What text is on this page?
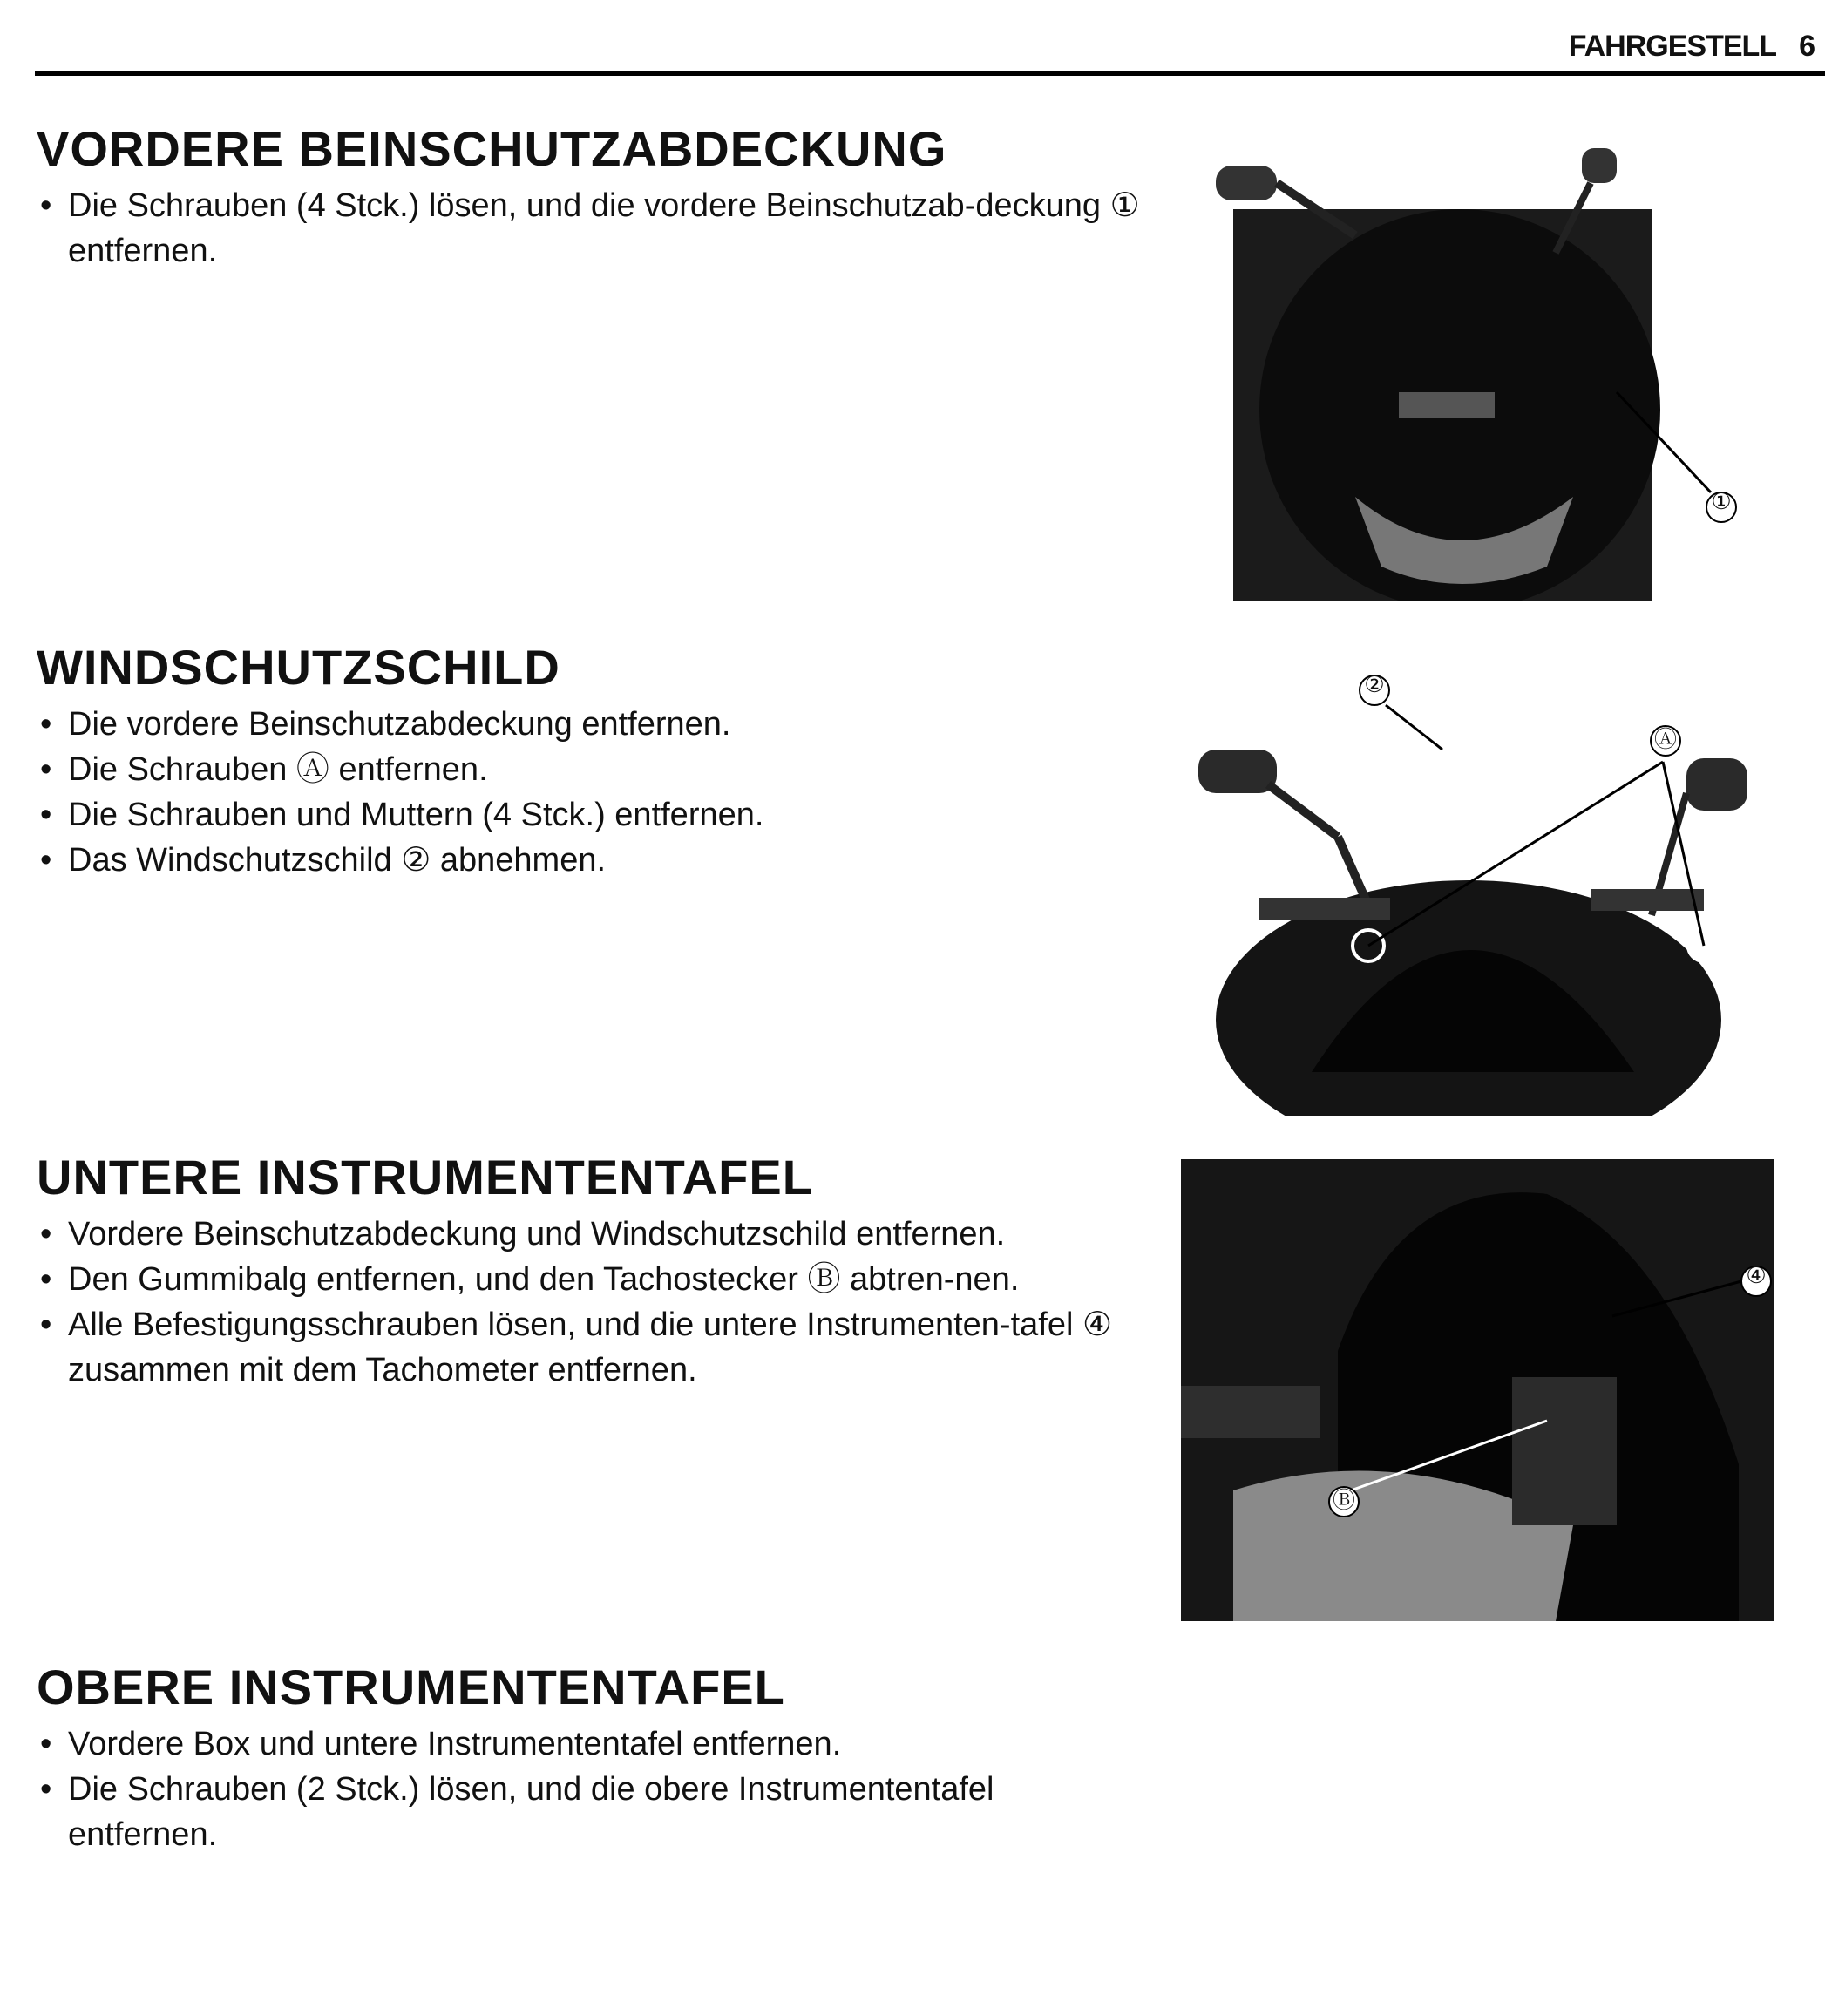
FAHRGESTELL 6
VORDERE BEINSCHUTZABDECKUNG
• Die Schrauben (4 Stck.) lösen, und die vordere Beinschutzab-deckung ① entfernen.
WINDSCHUTZSCHILD
• Die vordere Beinschutzabdeckung entfernen.
• Die Schrauben Ⓐ entfernen.
• Die Schrauben und Muttern (4 Stck.) entfernen.
• Das Windschutzschild ② abnehmen.
UNTERE INSTRUMENTENTAFEL
• Vordere Beinschutzabdeckung und Windschutzschild entfernen.
• Den Gummibalg entfernen, und den Tachostecker Ⓑ abtren-nen.
• Alle Befestigungsschrauben lösen, und die untere Instrumenten-tafel ④ zusammen mit dem Tachometer entfernen.
OBERE INSTRUMENTENTAFEL
• Vordere Box und untere Instrumententafel entfernen.
• Die Schrauben (2 Stck.) lösen, und die obere Instrumententafel entfernen.
①
②
Ⓐ
④
Ⓑ
